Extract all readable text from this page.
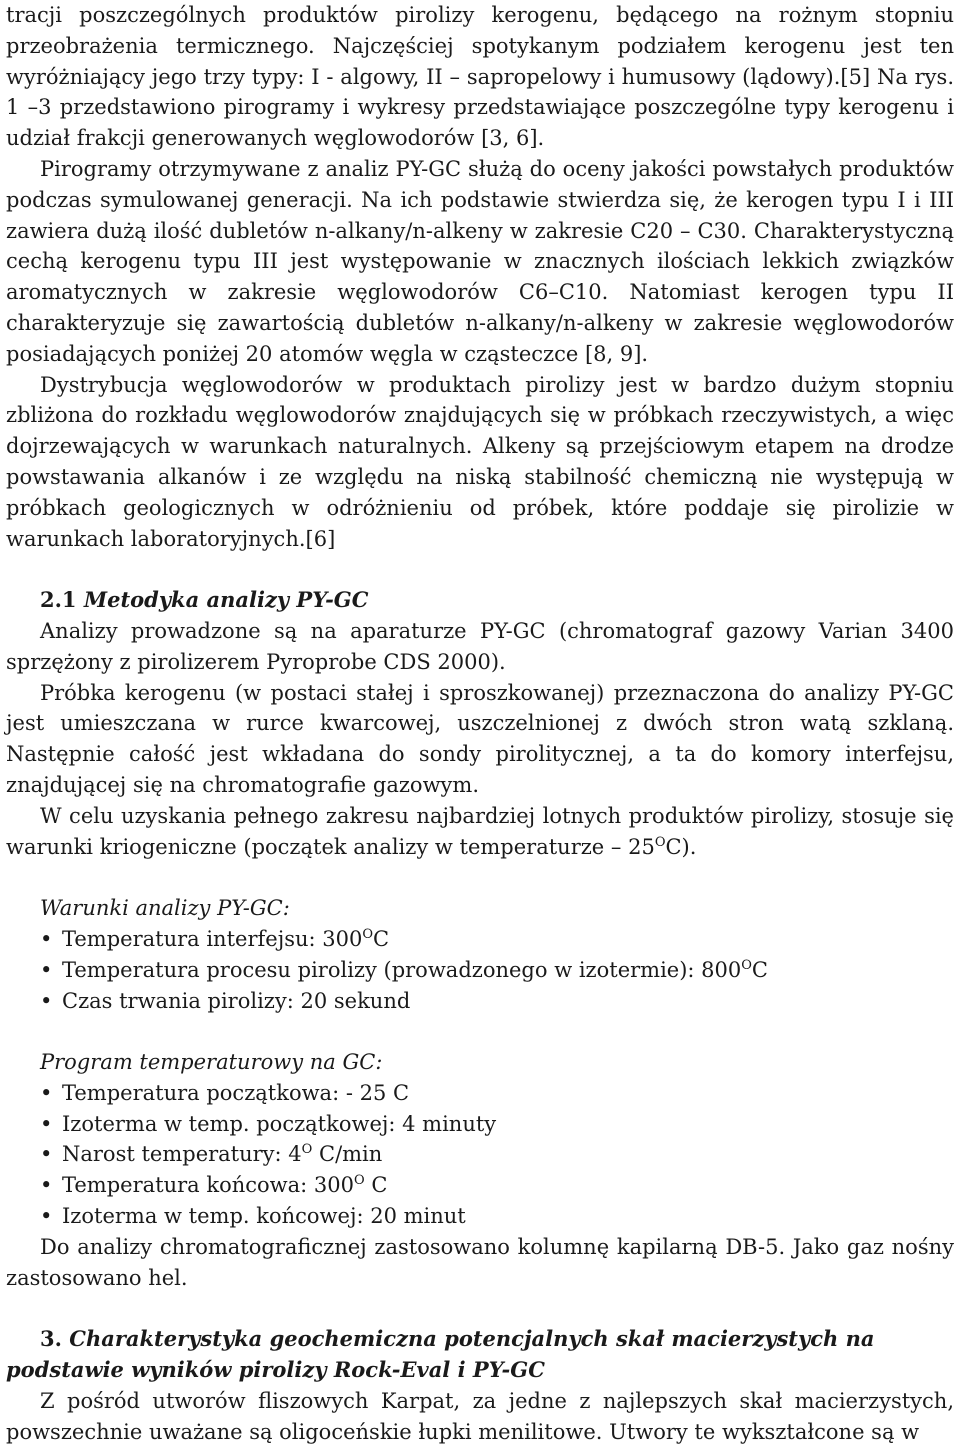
tracji poszczególnych produktów pirolizy kerogenu, będącego na rożnym stopniu przeobrażenia termicznego. Najczęściej spotykanym podziałem kerogenu jest ten wyróżniający jego trzy typy: I - algowy, II – sapropelowy i humusowy (lądowy).[5] Na rys. 1 –3 przedstawiono pirogramy i wykresy przedstawiające poszczególne typy kerogenu i udział frakcji generowanych węglowodorów [3, 6].

Pirogramy otrzymywane z analiz PY-GC służą do oceny jakości powstałych produktów podczas symulowanej generacji. Na ich podstawie stwierdza się, że kerogen typu I i III zawiera dużą ilość dubletów n-alkany/n-alkeny w zakresie C20 – C30. Charakterystyczną cechą kerogenu typu III jest występowanie w znacznych ilościach lekkich związków aromatycznych w zakresie węglowodorów C6–C10. Natomiast kerogen typu II charakteryzuje się zawartością dubletów n-alkany/n-alkeny w zakresie węglowodorów posiadających poniżej 20 atomów węgla w cząsteczce [8, 9].

Dystrybucja węglowodorów w produktach pirolizy jest w bardzo dużym stopniu zbliżona do rozkładu węglowodorów znajdujących się w próbkach rzeczywistych, a więc dojrzewających w warunkach naturalnych. Alkeny są przejściowym etapem na drodze powstawania alkanów i ze względu na niską stabilność chemiczną nie występują w próbkach geologicznych w odróżnieniu od próbek, które poddaje się pirolizie w warunkach laboratoryjnych.[6]

2.1 Metodyka analizy PY-GC

Analizy prowadzone są na aparaturze PY-GC (chromatograf gazowy Varian 3400 sprzężony z pirolizerem Pyroprobe CDS 2000).

Próbka kerogenu (w postaci stałej i sproszkowanej) przeznaczona do analizy PY-GC jest umieszczana w rurce kwarcowej, uszczelnionej z dwóch stron watą szklaną. Następnie całość jest wkładana do sondy pirolitycznej, a ta do komory interfejsu, znajdującej się na chromatografie gazowym.

W celu uzyskania pełnego zakresu najbardziej lotnych produktów pirolizy, stosuje się warunki kriogeniczne (początek analizy w temperaturze – $25^OC$).

Warunki analizy PY-GC:
• Temperatura interfejsu: $300^OC$
• Temperatura procesu pirolizy (prowadzonego w izotermie): $800^OC$
• Czas trwania pirolizy: 20 sekund
Program temperaturowy na GC:
• Temperatura początkowa: - 25 C
• Izoterma w temp. początkowej: 4 minuty
• Narost temperatury: $4^O$ C/min
• Temperatura końcowa: $300^O$ C
• Izoterma w temp. końcowej: 20 minut

Do analizy chromatograficznej zastosowano kolumnę kapilarną DB-5. Jako gaz nośny zastosowano hel.

3. Charakterystyka geochemiczna potencjalnych skał macierzystych na podstawie wyników pirolizy Rock-Eval i PY-GC

Z pośród utworów fliszowych Karpat, za jedne z najlepszych skał macierzystych, powszechnie uważane są oligoceńskie łupki menilitowe. Utwory te wykształcone są w
